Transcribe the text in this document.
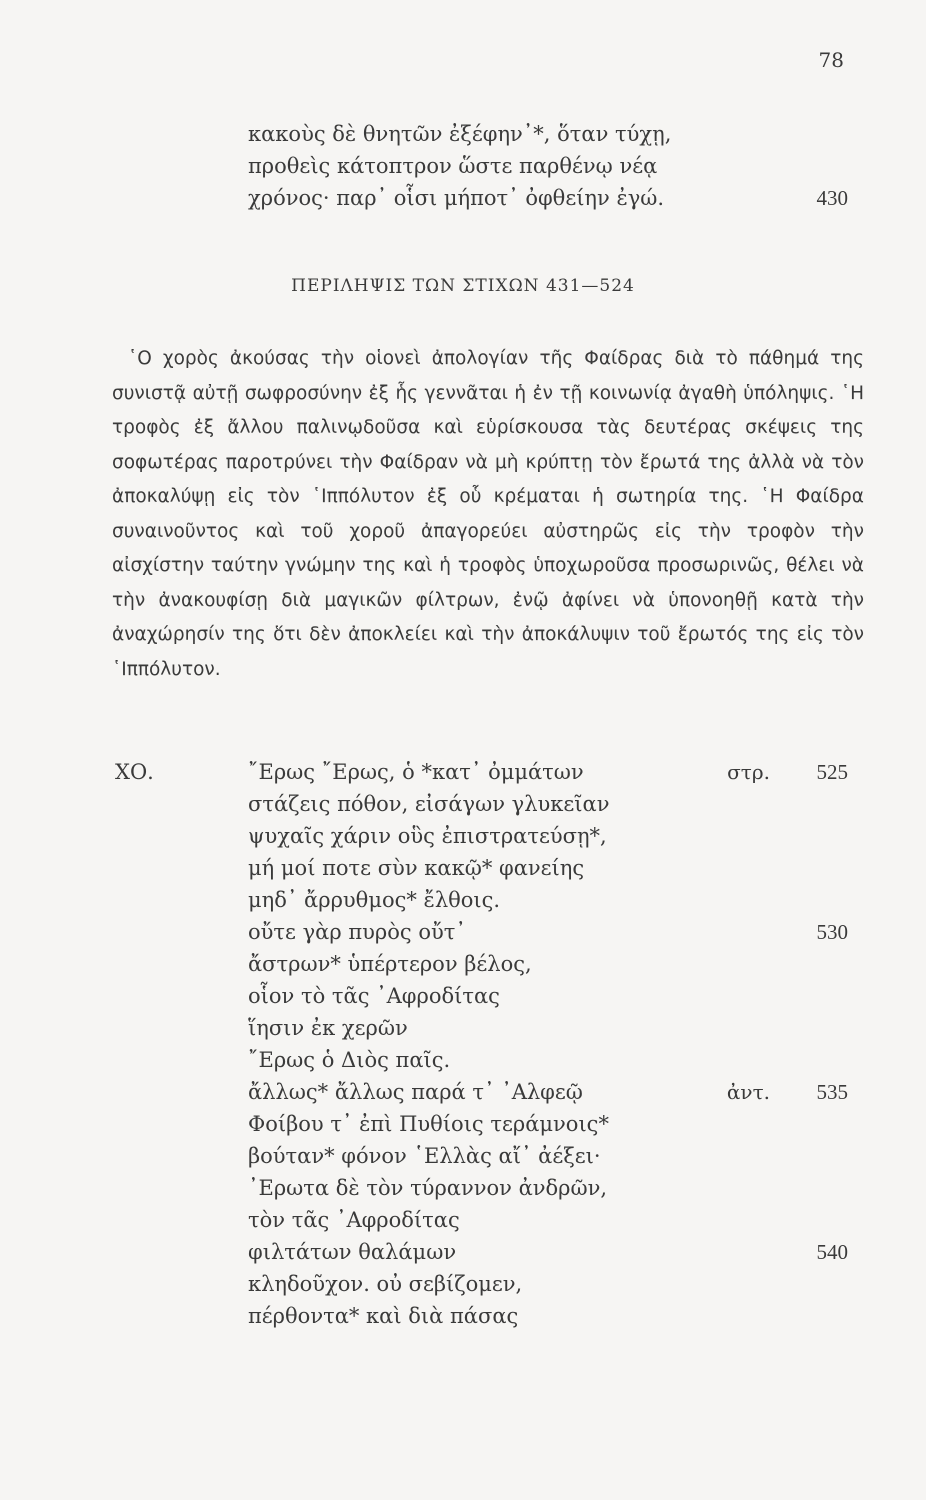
78
κακοὺς δὲ θνητῶν ἐξέφην᾿*, ὅταν τύχῃ,
προθεὶς κάτοπτρον ὥστε παρθένῳ νέᾳ
χρόνος· παρ᾿ οἷσι μήποτ᾿ ὀφθείην ἐγώ.	430
ΠΕΡΙΛΗΨΙΣ ΤΩΝ ΣΤΙΧΩΝ 431—524
῾Ο χορὸς ἀκούσας τὴν οἱονεὶ ἀπολογίαν τῆς Φαίδρας διὰ τὸ πάθημά της συνιστᾷ αὐτῇ σωφροσύνην ἐξ ἧς γεννᾶται ἡ ἐν τῇ κοινωνίᾳ ἀγαθὴ ὑπόληψις. ῾Η τροφὸς ἐξ ἄλλου παλινῳδοῦσα καὶ εὑρίσκουσα τὰς δευτέρας σκέψεις της σοφωτέρας παροτρύνει τὴν Φαίδραν νὰ μὴ κρύπτῃ τὸν ἔρωτά της ἀλλὰ νὰ τὸν ἀποκαλύψῃ εἰς τὸν ῾Ιππόλυτον ἐξ οὗ κρέμαται ἡ σωτηρία της. ῾Η Φαίδρα συναινοῦντος καὶ τοῦ χοροῦ ἀπαγορεύει αὐστηρῶς εἰς τὴν τροφὸν τὴν αἰσχίστην ταύτην γνώμην της καὶ ἡ τροφὸς ὑποχωροῦσα προσωρινῶς, θέλει νὰ τὴν ἀνακουφίσῃ διὰ μαγικῶν φίλτρων, ἐνῷ ἀφίνει νὰ ὑπονοηθῇ κατὰ τὴν ἀναχώρησίν της ὅτι δὲν ἀποκλείει καὶ τὴν ἀποκάλυψιν τοῦ ἔρωτός της εἰς τὸν ῾Ιππόλυτον.
ΧΟ.	῎Ερως ῎Ερως, ὁ *κατ᾿ ὀμμάτων	στρ. 525
στάζεις πόθον, εἰσάγων γλυκεῖαν
ψυχαῖς χάριν οὓς ἐπιστρατεύσῃ*,
μή μοί ποτε σὺν κακῷ* φανείης
μηδ᾿ ἄρρυθμος* ἔλθοις.
οὔτε γὰρ πυρὸς οὔτ᾿	530
ἄστρων* ὑπέρτερον βέλος,
οἷον τὸ τᾶς ᾿Αφροδίτας
ἵησιν ἐκ χερῶν
῎Ερως ὁ Διὸς παῖς.
ἄλλως* ἄλλως παρά τ᾿ ᾿Αλφεῷ	ἀντ. 535
Φοίβου τ᾿ ἐπὶ Πυθίοις τεράμνοις*
βούταν* φόνον ῾Ελλὰς αἴ᾿ ἀέξει·
᾿Ερωτα δὲ τὸν τύραννον ἀνδρῶν,
τὸν τᾶς ᾿Αφροδίτας
φιλτάτων θαλάμων	540
κληδοῦχον. οὐ σεβίζομεν,
πέρθοντα* καὶ διὰ πάσας
